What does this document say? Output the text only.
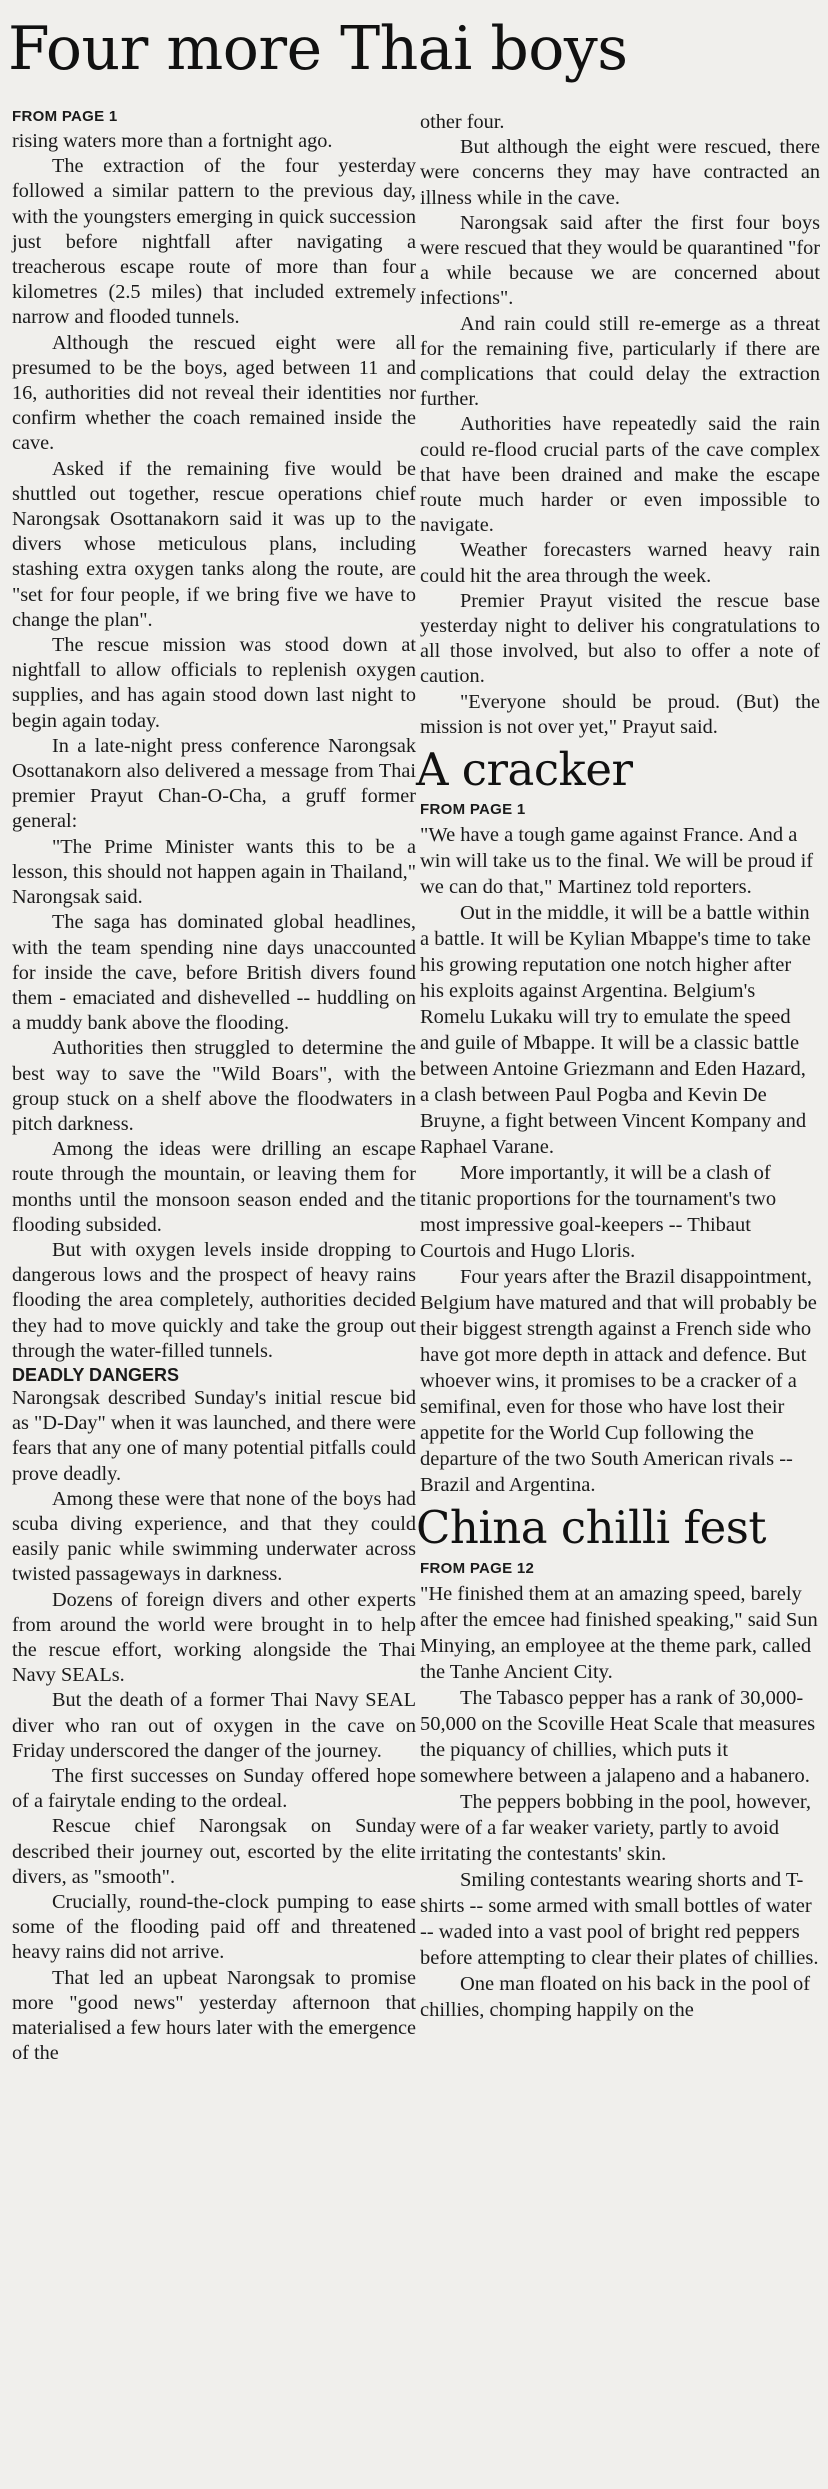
Four more Thai boys
FROM PAGE 1

rising waters more than a fortnight ago.

The extraction of the four yesterday followed a similar pattern to the previous day, with the youngsters emerging in quick succession just before nightfall after navigating a treacherous escape route of more than four kilometres (2.5 miles) that included extremely narrow and flooded tunnels.

Although the rescued eight were all presumed to be the boys, aged between 11 and 16, authorities did not reveal their identities nor confirm whether the coach remained inside the cave.

Asked if the remaining five would be shuttled out together, rescue operations chief Narongsak Osottanakorn said it was up to the divers whose meticulous plans, including stashing extra oxygen tanks along the route, are "set for four people, if we bring five we have to change the plan".

The rescue mission was stood down at nightfall to allow officials to replenish oxygen supplies, and has again stood down last night to begin again today.

In a late-night press conference Narongsak Osottanakorn also delivered a message from Thai premier Prayut Chan-O-Cha, a gruff former general:

"The Prime Minister wants this to be a lesson, this should not happen again in Thailand," Narongsak said.

The saga has dominated global headlines, with the team spending nine days unaccounted for inside the cave, before British divers found them - emaciated and dishevelled -- huddling on a muddy bank above the flooding.

Authorities then struggled to determine the best way to save the "Wild Boars", with the group stuck on a shelf above the floodwaters in pitch darkness.

Among the ideas were drilling an escape route through the mountain, or leaving them for months until the monsoon season ended and the flooding subsided.

But with oxygen levels inside dropping to dangerous lows and the prospect of heavy rains flooding the area completely, authorities decided they had to move quickly and take the group out through the water-filled tunnels.

DEADLY DANGERS

Narongsak described Sunday's initial rescue bid as "D-Day" when it was launched, and there were fears that any one of many potential pitfalls could prove deadly.

Among these were that none of the boys had scuba diving experience, and that they could easily panic while swimming underwater across twisted passageways in darkness.

Dozens of foreign divers and other experts from around the world were brought in to help the rescue effort, working alongside the Thai Navy SEALs.

But the death of a former Thai Navy SEAL diver who ran out of oxygen in the cave on Friday underscored the danger of the journey.

The first successes on Sunday offered hope of a fairytale ending to the ordeal.

Rescue chief Narongsak on Sunday described their journey out, escorted by the elite divers, as "smooth".

Crucially, round-the-clock pumping to ease some of the flooding paid off and threatened heavy rains did not arrive.

That led an upbeat Narongsak to promise more "good news" yesterday afternoon that materialised a few hours later with the emergence of the

other four.

But although the eight were rescued, there were concerns they may have contracted an illness while in the cave.

Narongsak said after the first four boys were rescued that they would be quarantined "for a while because we are concerned about infections".

And rain could still re-emerge as a threat for the remaining five, particularly if there are complications that could delay the extraction further.

Authorities have repeatedly said the rain could re-flood crucial parts of the cave complex that have been drained and make the escape route much harder or even impossible to navigate.

Weather forecasters warned heavy rain could hit the area through the week.

Premier Prayut visited the rescue base yesterday night to deliver his congratulations to all those involved, but also to offer a note of caution.

"Everyone should be proud. (But) the mission is not over yet," Prayut said.

A cracker
FROM PAGE 1

"We have a tough game against France. And a win will take us to the final. We will be proud if we can do that," Martinez told reporters.

Out in the middle, it will be a battle within a battle. It will be Kylian Mbappe's time to take his growing reputation one notch higher after his exploits against Argentina. Belgium's Romelu Lukaku will try to emulate the speed and guile of Mbappe. It will be a classic battle between Antoine Griezmann and Eden Hazard, a clash between Paul Pogba and Kevin De Bruyne, a fight between Vincent Kompany and Raphael Varane.

More importantly, it will be a clash of titanic proportions for the tournament's two most impressive goal-keepers -- Thibaut Courtois and Hugo Lloris.

Four years after the Brazil disappointment, Belgium have matured and that will probably be their biggest strength against a French side who have got more depth in attack and defence. But whoever wins, it promises to be a cracker of a semifinal, even for those who have lost their appetite for the World Cup following the departure of the two South American rivals -- Brazil and Argentina.

China chilli fest
FROM PAGE 12

"He finished them at an amazing speed, barely after the emcee had finished speaking," said Sun Minying, an employee at the theme park, called the Tanhe Ancient City.

The Tabasco pepper has a rank of 30,000-50,000 on the Scoville Heat Scale that measures the piquancy of chillies, which puts it somewhere between a jalapeno and a habanero.

The peppers bobbing in the pool, however, were of a far weaker variety, partly to avoid irritating the contestants' skin.

Smiling contestants wearing shorts and T-shirts -- some armed with small bottles of water -- waded into a vast pool of bright red peppers before attempting to clear their plates of chillies.

One man floated on his back in the pool of chillies, chomping happily on the
